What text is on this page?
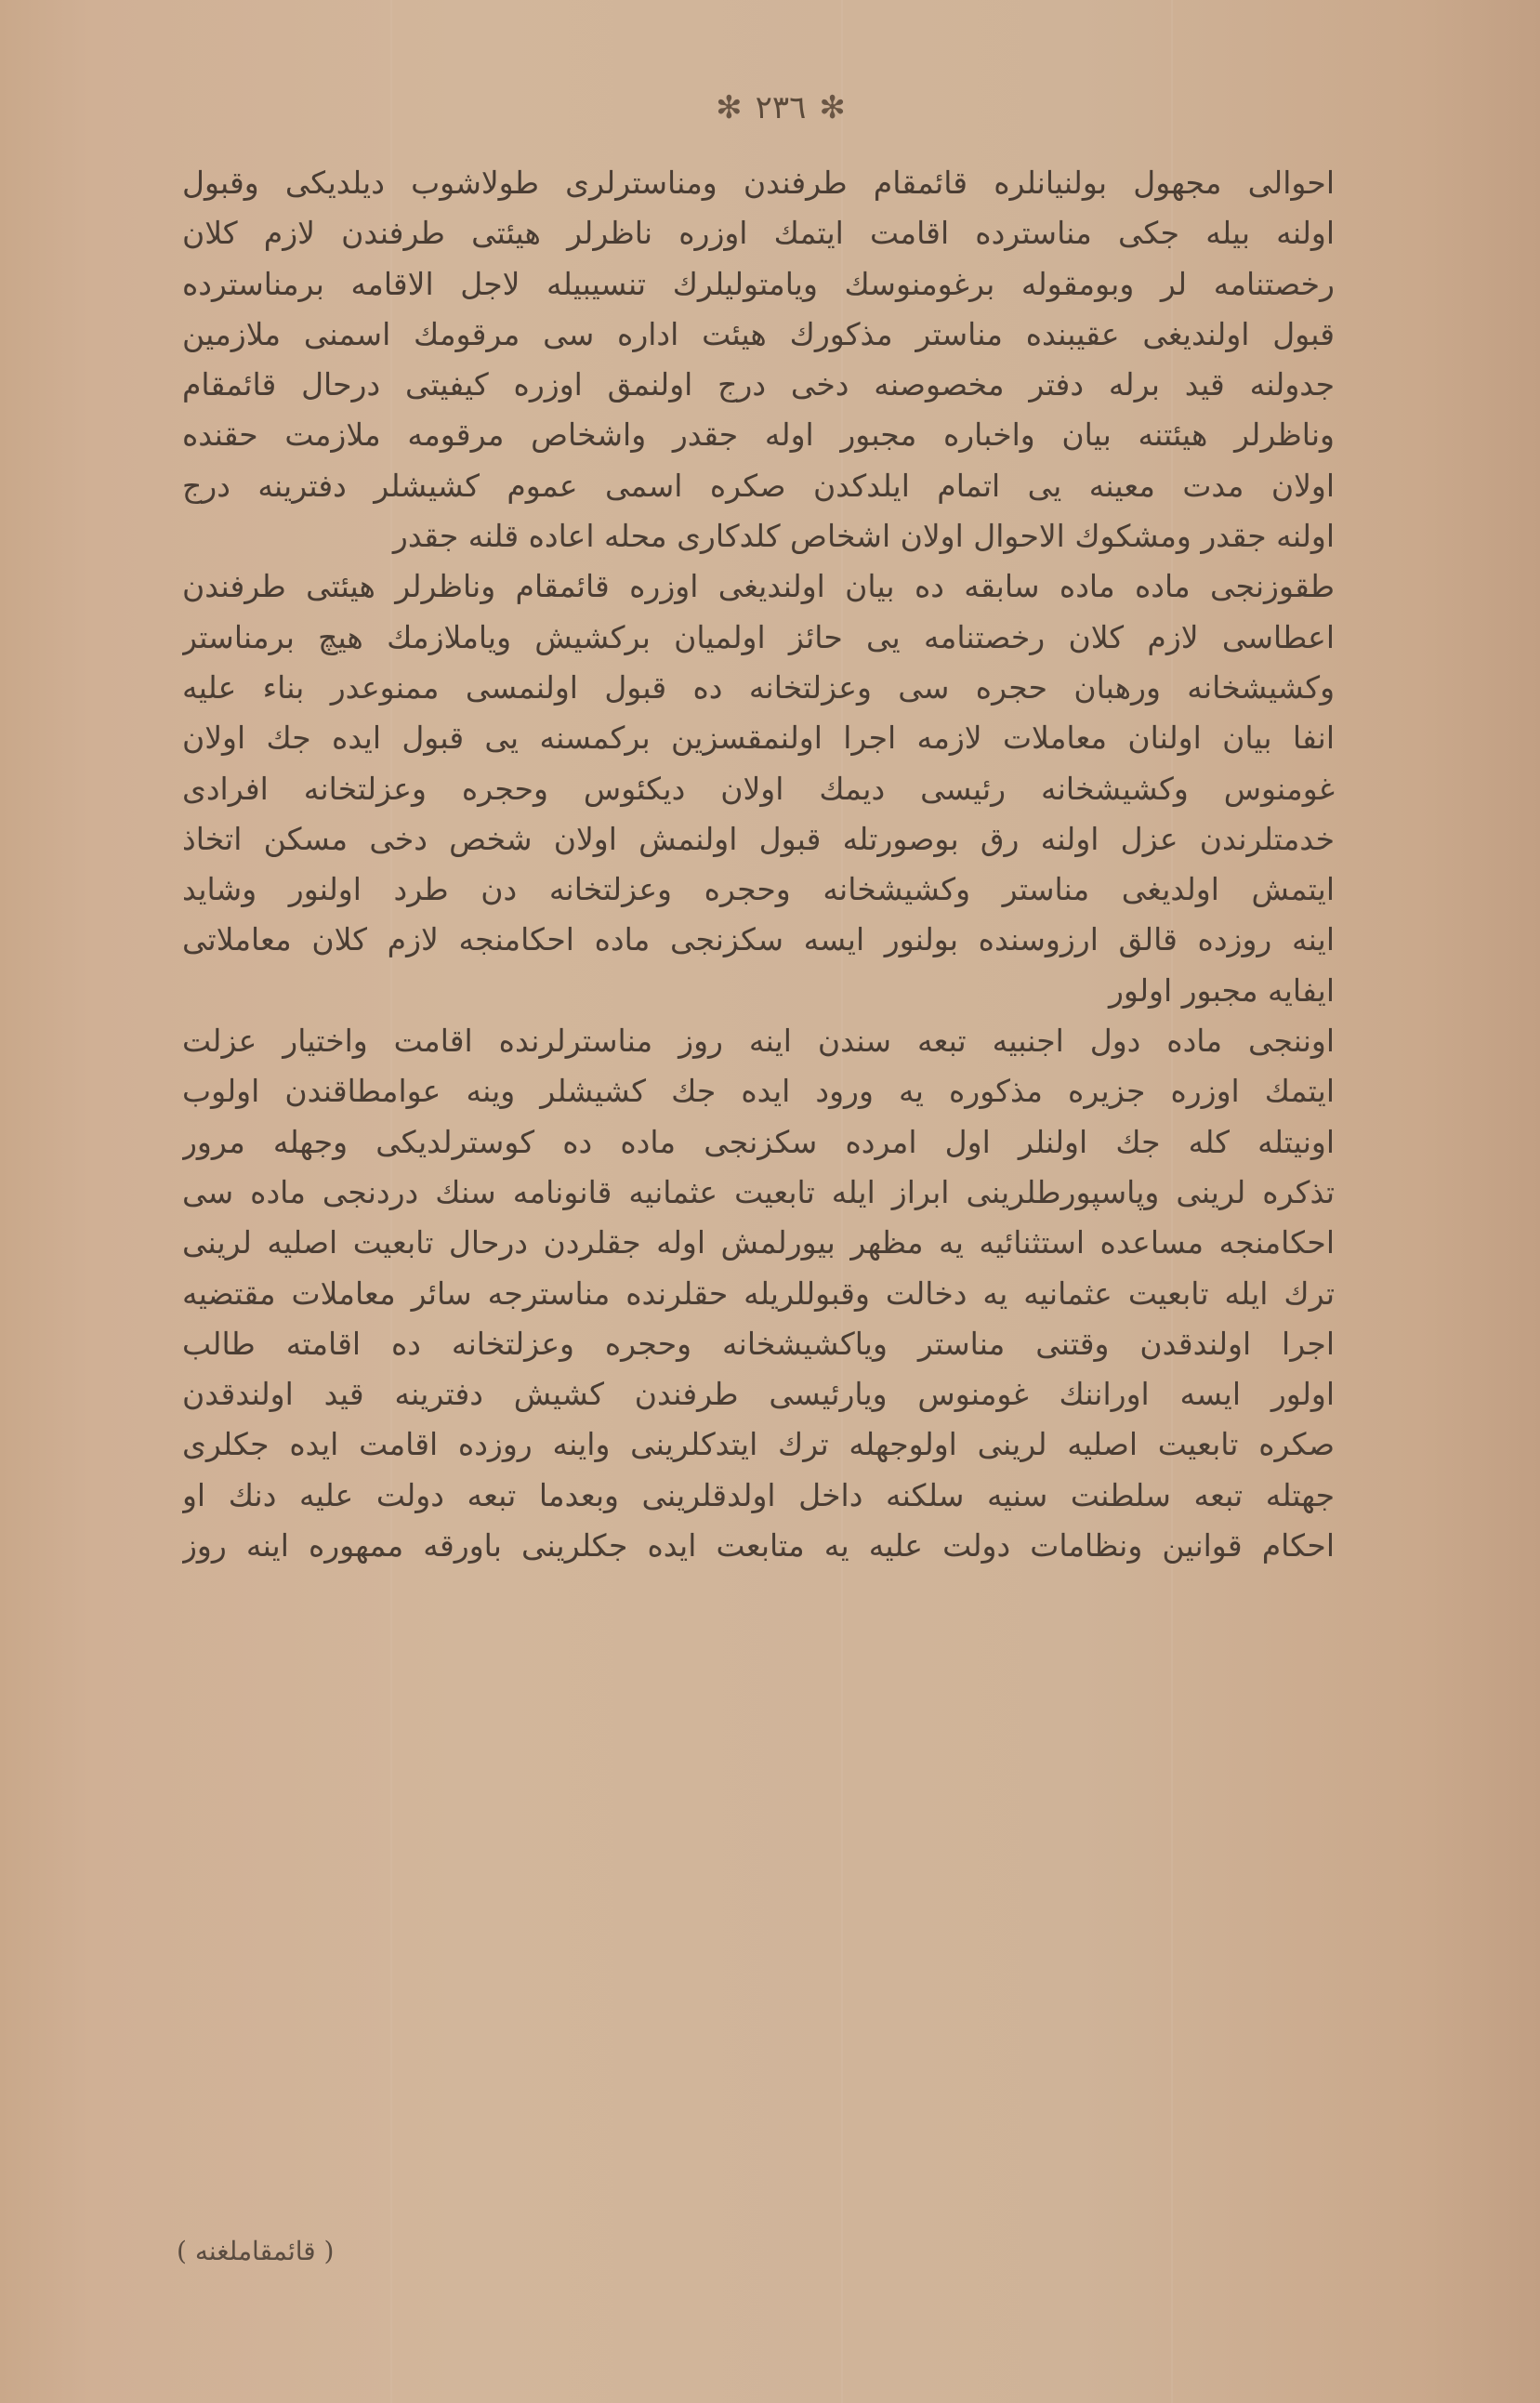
✻ ٢٣٦ ✻
احوالی مجهول بولنیانلره قائمقام طرفندن ومناسترلری طولاشوب دیلدیکی وقبول
اولنه بیله جکی مناسترده اقامت ایتمك اوزره ناظرلر هیئتی طرفندن لازم كلان
رخصتنامه لر وبومقوله برغومنوسك ویامتولیلرك تنسیبیله لاجل الاقامه برمناسترده
قبول اولندیغی عقیبنده مناستر مذكورك هیئت اداره سی مرقومك اسمنی ملازمین
جدولنه قید برله دفتر مخصوصنه دخی درج اولنمق اوزره كیفیتی درحال قائمقام
وناظرلر هیئتنه بیان واخباره مجبور اوله جقدر واشخاص مرقومه ملازمت حقنده
اولان مدت معینه یی اتمام ایلدكدن صكره اسمی عموم كشیشلر دفترینه درج
اولنه جقدر ومشكوك الاحوال اولان اشخاص كلدكاری محله اعاده قلنه جقدر
طقوزنجی ماده ماده سابقه ده بیان اولندیغی اوزره قائمقام وناظرلر هیئتی طرفندن
اعطاسی لازم كلان رخصتنامه یی حائز اولمیان بركشیش ویاملازمك هیچ برمناستر
وكشیشخانه ورهبان حجره سی وعزلتخانه ده قبول اولنمسی ممنوعدر بناء علیه
انفا بیان اولنان معاملات لازمه اجرا اولنمقسزین بركمسنه یی قبول ایده جك اولان
غومنوس وكشیشخانه رئیسی دیمك اولان دیكئوس وحجره وعزلتخانه افرادی
خدمتلرندن عزل اولنه رق بوصورتله قبول اولنمش اولان شخص دخی مسكن اتخاذ
ایتمش اولدیغی مناستر وكشیشخانه وحجره وعزلتخانه دن طرد اولنور وشاید
اینه روزده قالق ارزوسنده بولنور ایسه سكزنجی ماده احكامنجه لازم كلان معاملاتی
ایفایه مجبور اولور
اوننجی ماده دول اجنبیه تبعه سندن اینه روز مناسترلرنده اقامت واختیار عزلت
ایتمك اوزره جزیره مذكوره یه ورود ایده جك كشیشلر وینه عوامطاقندن اولوب
اونیتله كله جك اولنلر اول امرده سكزنجی ماده ده كوسترلدیكی وجهله مرور
تذكره لرینی وپاسپورطلرینی ابراز ایله تابعیت عثمانیه قانونامه سنك دردنجی ماده سی
احكامنجه مساعده استثنائیه یه مظهر بیورلمش اوله جقلردن درحال تابعیت اصلیه لرینی
ترك ایله تابعیت عثمانیه یه دخالت وقبوللریله حقلرنده مناسترجه سائر معاملات مقتضیه
اجرا اولندقدن وقتنی مناستر ویاكشیشخانه وحجره وعزلتخانه ده اقامته طالب
اولور ایسه اوراننك غومنوس ویارئیسی طرفندن كشیش دفترینه قید اولندقدن
صكره تابعیت اصلیه لرینی اولوجهله ترك ایتدكلرینی واینه روزده اقامت ایده جكلری
جهتله تبعه سلطنت سنیه سلكنه داخل اولدقلرینی وبعدما تبعه دولت علیه دنك او
احكام قوانین ونظامات دولت علیه یه متابعت ایده جكلرینی باورقه ممهوره اینه روز
( قائمقاملغنه )
